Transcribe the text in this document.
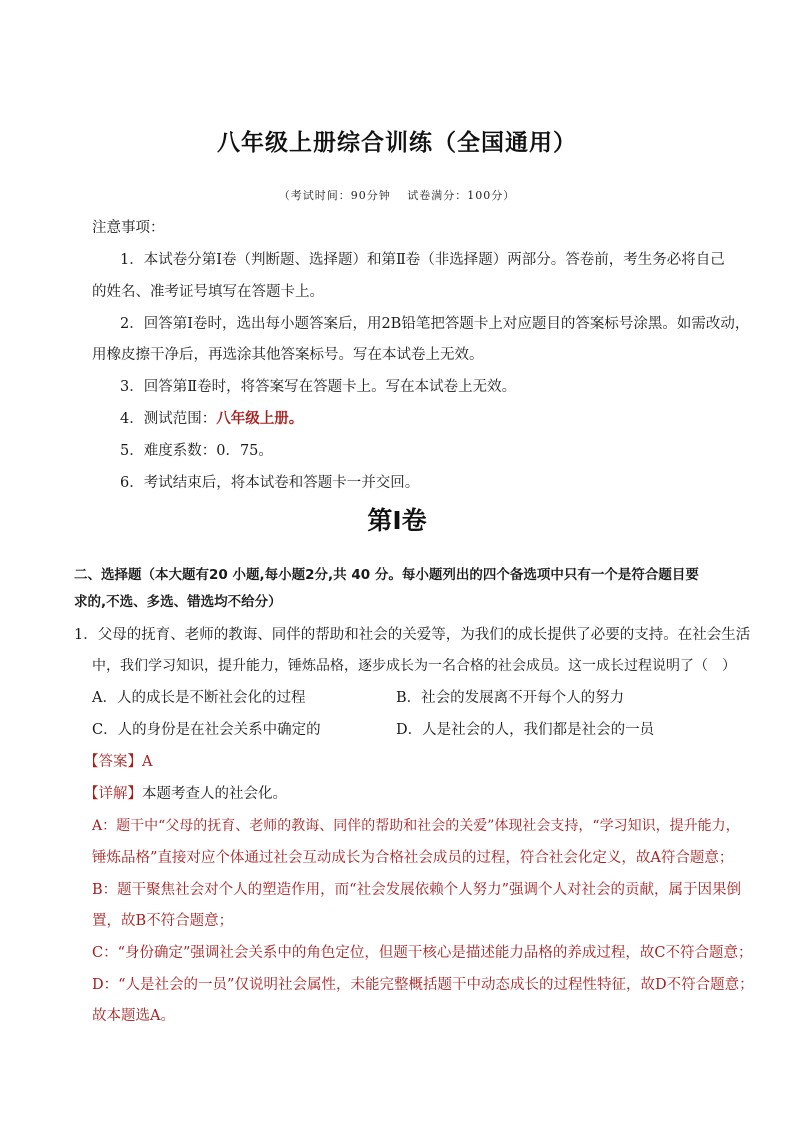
八年级上册综合训练（全国通用）
（考试时间：90分钟　 试卷满分：100分）
注意事项：
1．本试卷分第Ⅰ卷（判断题、选择题）和第Ⅱ卷（非选择题）两部分。答卷前，考生务必将自己
的姓名、准考证号填写在答题卡上。
2．回答第Ⅰ卷时，选出每小题答案后，用2B铅笔把答题卡上对应题目的答案标号涂黑。如需改动，
用橡皮擦干净后，再选涂其他答案标号。写在本试卷上无效。
3．回答第Ⅱ卷时，将答案写在答题卡上。写在本试卷上无效。
4．测试范围：八年级上册。
5．难度系数：0．75。
6．考试结束后，将本试卷和答题卡一并交回。
第Ⅰ卷
二、选择题（本大题有20 小题,每小题2分,共 40 分。每小题列出的四个备选项中只有一个是符合题目要
求的,不选、多选、错选均不给分）
1．父母的抚育、老师的教诲、同伴的帮助和社会的关爱等，为我们的成长提供了必要的支持。在社会生活
中，我们学习知识，提升能力，锤炼品格，逐步成长为一名合格的社会成员。这一成长过程说明了（　）
A．人的成长是不断社会化的过程	B．社会的发展离不开每个人的努力
C．人的身份是在社会关系中确定的	D．人是社会的人，我们都是社会的一员
【答案】A
【详解】本题考查人的社会化。
A：题干中“父母的抚育、老师的教诲、同伴的帮助和社会的关爱”体现社会支持，“学习知识，提升能力，
锤炼品格”直接对应个体通过社会互动成长为合格社会成员的过程，符合社会化定义，故A符合题意；
B：题干聚焦社会对个人的塑造作用，而“社会发展依赖个人努力”强调个人对社会的贡献，属于因果倒
置，故B不符合题意；
C：“身份确定”强调社会关系中的角色定位，但题干核心是描述能力品格的养成过程，故C不符合题意；
D：“人是社会的一员”仅说明社会属性，未能完整概括题干中动态成长的过程性特征，故D不符合题意；
故本题选A。
